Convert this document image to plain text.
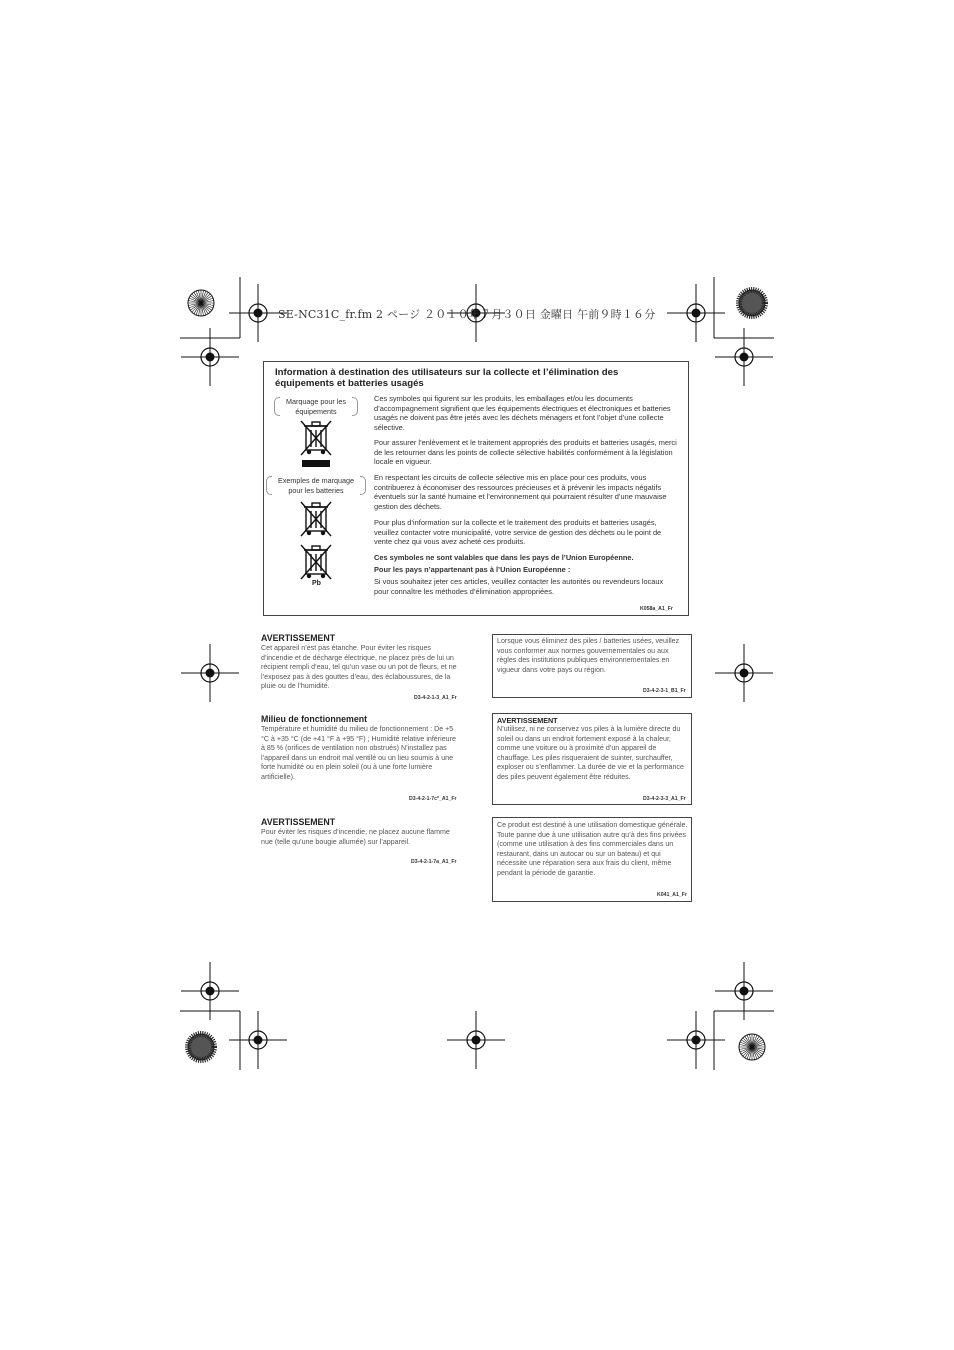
SE-NC31C_fr.fm 2 ページ ２０１０年７月３０日 金曜日 午前９時１６分
Information à destination des utilisateurs sur la collecte et l’élimination des équipements et batteries usagés
Marquage pour les équipements
Exemples de marquage pour les batteries
Pb
Ces symboles qui figurent sur les produits, les emballages et/ou les documents d’accompagnement signifient que les équipements électriques et électroniques et batteries usagés ne doivent pas être jetés avec les déchets ménagers et font l’objet d’une collecte sélective.
Pour assurer l’enlèvement et le traitement appropriés des produits et batteries usagés, merci de les retourner dans les points de collecte sélective habilités conformément à la législation locale en vigueur.
En respectant les circuits de collecte sélective mis en place pour ces produits, vous contribuerez à économiser des ressources précieuses et à prévenir les impacts négatifs éventuels sur la santé humaine et l’environnement qui pourraient résulter d’une mauvaise gestion des déchets.
Pour plus d’information sur la collecte et le traitement des produits et batteries usagés, veuillez contacter votre municipalité, votre service de gestion des déchets ou le point de vente chez qui vous avez acheté ces produits.
Ces symboles ne sont valables que dans les pays de l’Union Européenne.
Pour les pays n’appartenant pas à l’Union Européenne :
Si vous souhaitez jeter ces articles, veuillez contacter les autorités ou revendeurs locaux pour connaître les méthodes d’élimination appropriées.
K058a_A1_Fr
AVERTISSEMENT
Cet appareil n’est pas étanche. Pour éviter les risques d’incendie et de décharge électrique, ne placez près de lui un récipient rempli d’eau, tel qu’un vase ou un pot de fleurs, et ne l’exposez pas à des gouttes d’eau, des éclaboussures, de la pluie ou de l’humidité.
D3-4-2-1-3_A1_Fr
Milieu de fonctionnement
Température et humidité du milieu de fonctionnement : De +5 °C à +35 °C (de +41 °F à +95 °F) ; Humidité relative inférieure à 85 % (orifices de ventilation non obstrués) N’installez pas l’appareil dans un endroit mal ventilé ou un lieu soumis à une forte humidité ou en plein soleil (ou à une forte lumière artificielle).
D3-4-2-1-7c*_A1_Fr
AVERTISSEMENT
Pour éviter les risques d’incendie, ne placez aucune flamme nue (telle qu’une bougie allumée) sur l’appareil.
D3-4-2-1-7a_A1_Fr
Lorsque vous éliminez des piles / batteries usées, veuillez vous conformer aux normes gouvernementales ou aux règles des institutions publiques environnementales en vigueur dans votre pays ou région.
D3-4-2-3-1_B1_Fr
AVERTISSEMENT
N’utilisez, ni ne conservez vos piles à la lumière directe du soleil ou dans un endroit fortement exposé à la chaleur, comme une voiture ou à proximité d’un appareil de chauffage. Les piles risqueraient de suinter, surchauffer, exploser ou s’enflammer. La durée de vie et la performance des piles peuvent également être réduites.
D3-4-2-3-3_A1_Fr
Ce produit est destiné à une utilisation domestique générale. Toute panne due à une utilisation autre qu’à des fins privées (comme une utilisation à des fins commerciales dans un restaurant, dans un autocar ou sur un bateau) et qui nécessite une réparation sera aux frais du client, même pendant la période de garantie.
K041_A1_Fr
